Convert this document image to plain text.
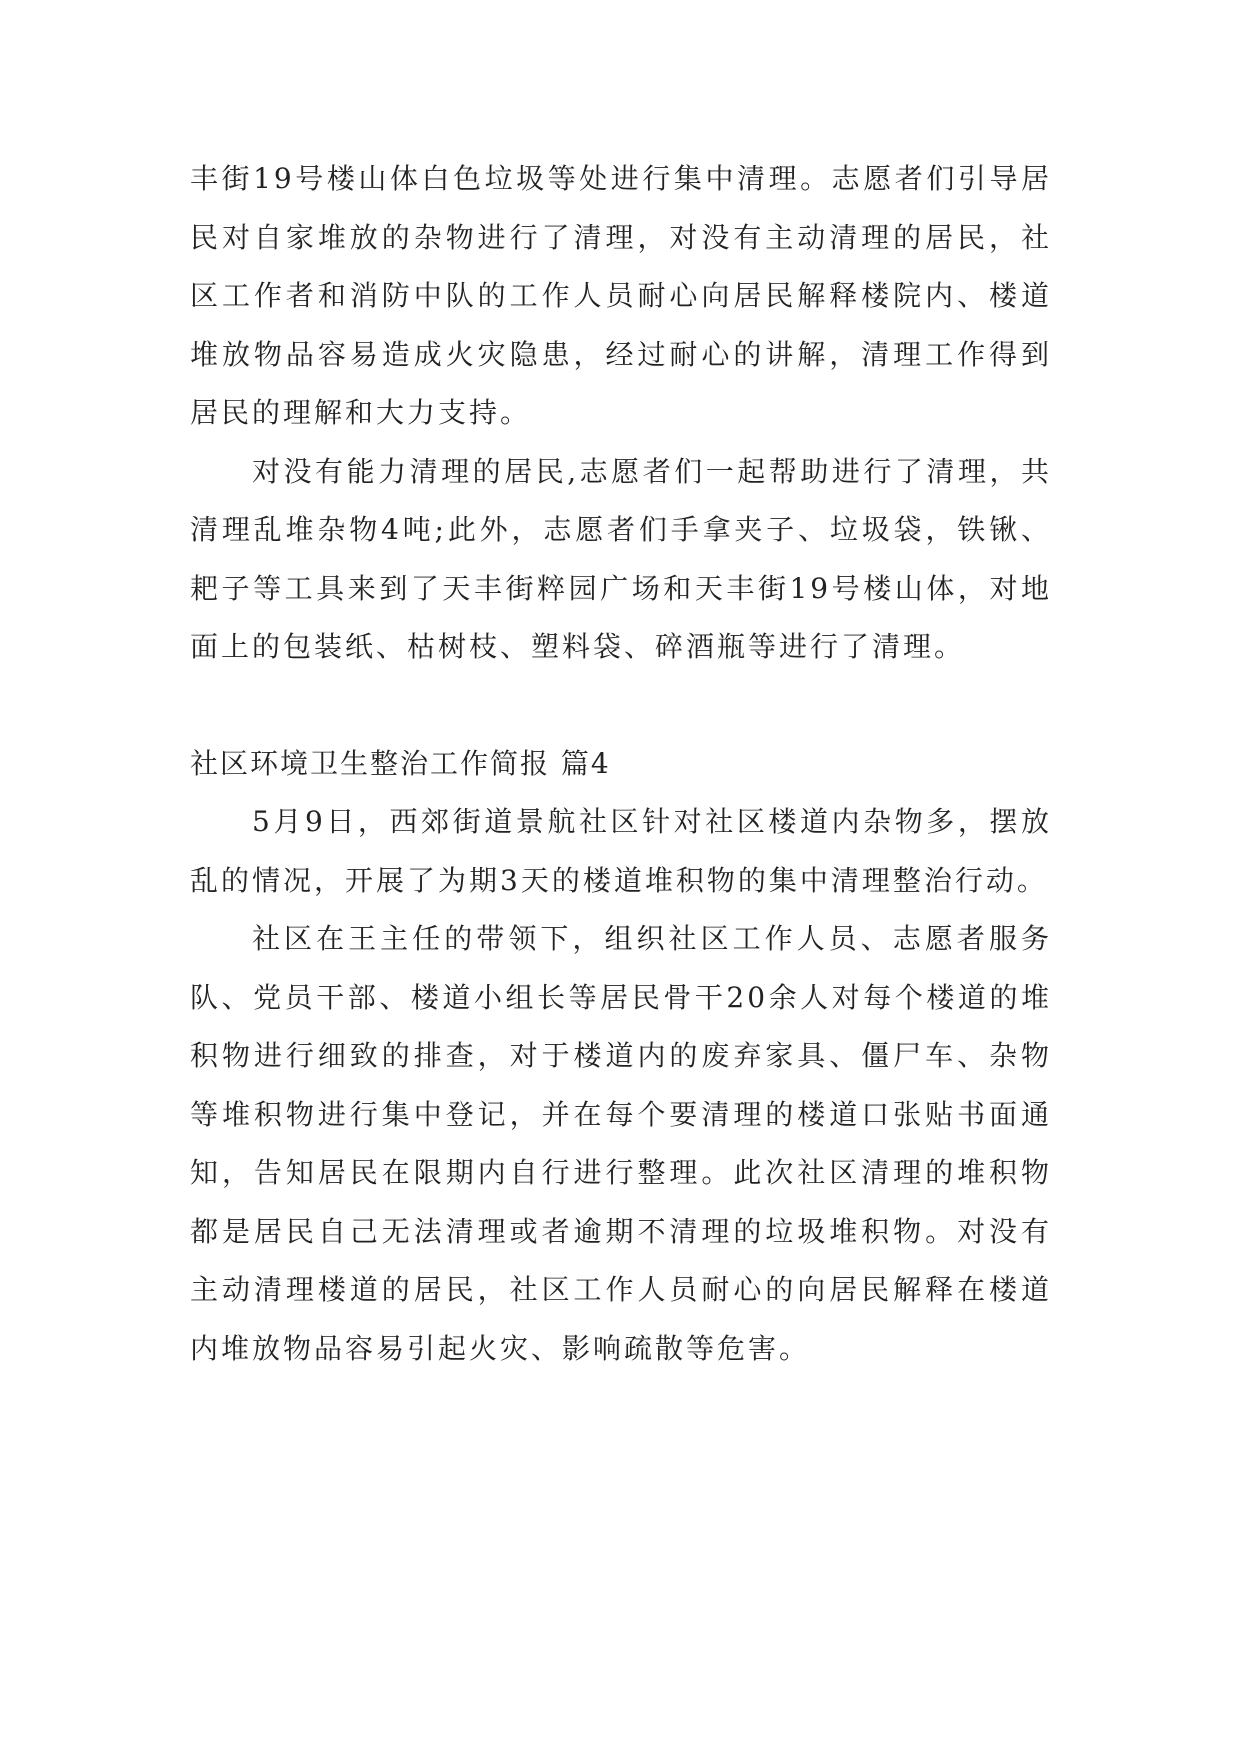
丰街19号楼山体白色垃圾等处进行集中清理。志愿者们引导居民对自家堆放的杂物进行了清理，对没有主动清理的居民，社区工作者和消防中队的工作人员耐心向居民解释楼院内、楼道堆放物品容易造成火灾隐患，经过耐心的讲解，清理工作得到居民的理解和大力支持。

对没有能力清理的居民,志愿者们一起帮助进行了清理，共清理乱堆杂物4吨;此外，志愿者们手拿夹子、垃圾袋，铁锹、耙子等工具来到了天丰街粹园广场和天丰街19号楼山体，对地面上的包装纸、枯树枝、塑料袋、碎酒瓶等进行了清理。

社区环境卫生整治工作简报 篇4

5月9日，西郊街道景航社区针对社区楼道内杂物多，摆放乱的情况，开展了为期3天的楼道堆积物的集中清理整治行动。

社区在王主任的带领下，组织社区工作人员、志愿者服务队、党员干部、楼道小组长等居民骨干20余人对每个楼道的堆积物进行细致的排查，对于楼道内的废弃家具、僵尸车、杂物等堆积物进行集中登记，并在每个要清理的楼道口张贴书面通知，告知居民在限期内自行进行整理。此次社区清理的堆积物都是居民自己无法清理或者逾期不清理的垃圾堆积物。对没有主动清理楼道的居民，社区工作人员耐心的向居民解释在楼道内堆放物品容易引起火灾、影响疏散等危害。
